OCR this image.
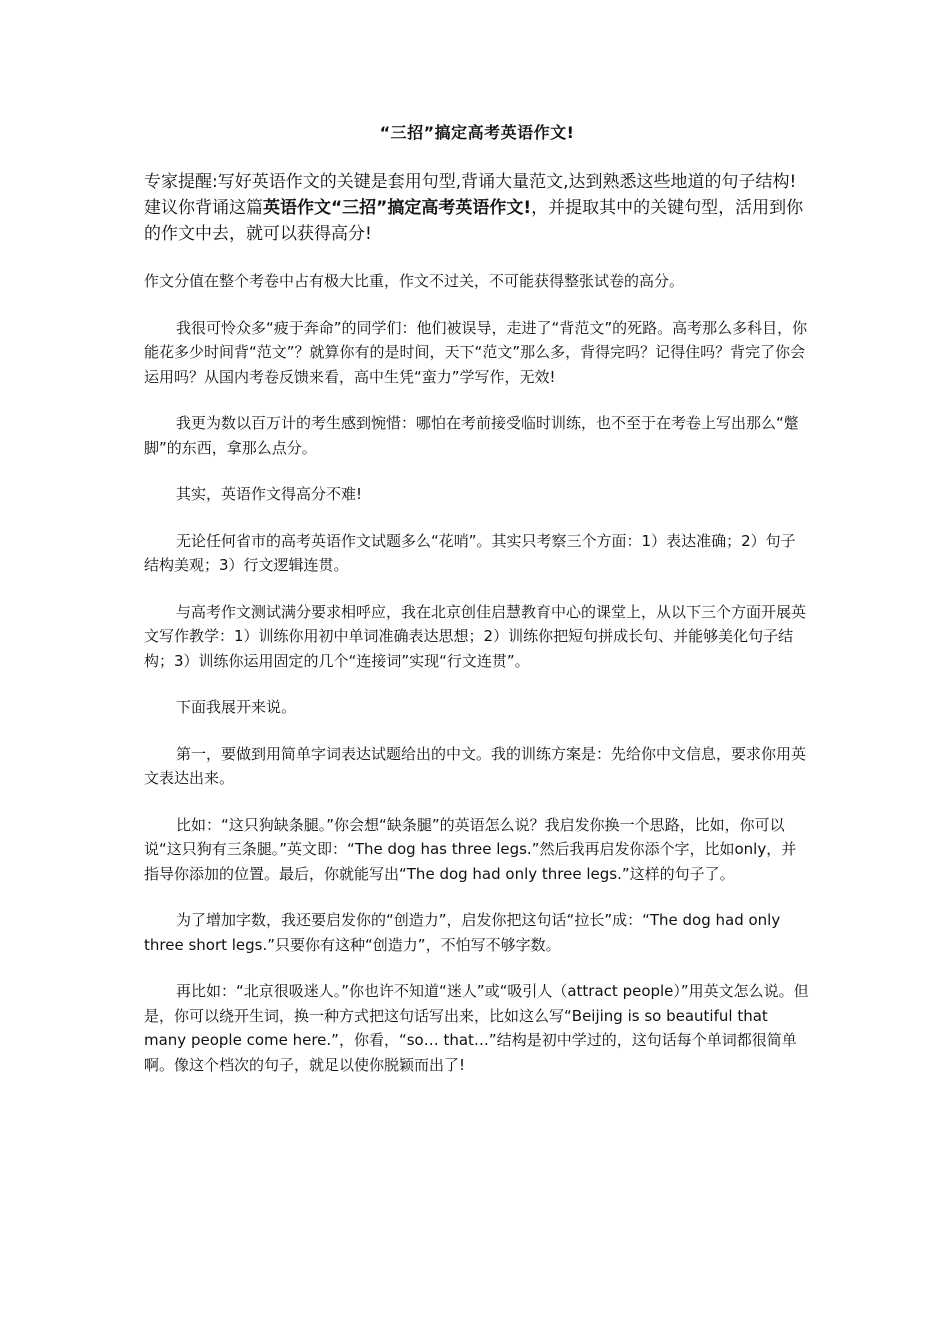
“三招”搞定高考英语作文!

专家提醒:写好英语作文的关键是套用句型,背诵大量范文,达到熟悉这些地道的句子结构!建议你背诵这篇英语作文“三招”搞定高考英语作文!，并提取其中的关键句型，活用到你的作文中去，就可以获得高分!

作文分值在整个考卷中占有极大比重，作文不过关，不可能获得整张试卷的高分。

我很可怜众多“疲于奔命”的同学们：他们被误导，走进了“背范文”的死路。高考那么多科目，你能花多少时间背“范文”？就算你有的是时间，天下“范文”那么多，背得完吗？记得住吗？背完了你会运用吗？从国内考卷反馈来看，高中生凭“蛮力”学写作，无效!

我更为数以百万计的考生感到惋惜：哪怕在考前接受临时训练，也不至于在考卷上写出那么“蹩脚”的东西，拿那么点分。

其实，英语作文得高分不难!

无论任何省市的高考英语作文试题多么“花哨”。其实只考察三个方面：1）表达准确；2）句子结构美观；3）行文逻辑连贯。

与高考作文测试满分要求相呼应，我在北京创佳启慧教育中心的课堂上，从以下三个方面开展英文写作教学：1）训练你用初中单词准确表达思想；2）训练你把短句拼成长句、并能够美化句子结构；3）训练你运用固定的几个“连接词”实现“行文连贯”。

下面我展开来说。

第一，要做到用简单字词表达试题给出的中文。我的训练方案是：先给你中文信息，要求你用英文表达出来。

比如：“这只狗缺条腿。”你会想“缺条腿”的英语怎么说？我启发你换一个思路，比如，你可以说“这只狗有三条腿。”英文即：“The dog has three legs.”然后我再启发你添个字，比如only，并指导你添加的位置。最后，你就能写出“The dog had only three legs.”这样的句子了。

为了增加字数，我还要启发你的“创造力”，启发你把这句话“拉长”成：“The dog had only three short legs.”只要你有这种“创造力”，不怕写不够字数。

再比如：“北京很吸迷人。”你也许不知道“迷人”或“吸引人（attract people）”用英文怎么说。但是，你可以绕开生词，换一种方式把这句话写出来，比如这么写“Beijing is so beautiful that many people come here.”，你看，“so… that…”结构是初中学过的，这句话每个单词都很简单啊。像这个档次的句子，就足以使你脱颖而出了!
